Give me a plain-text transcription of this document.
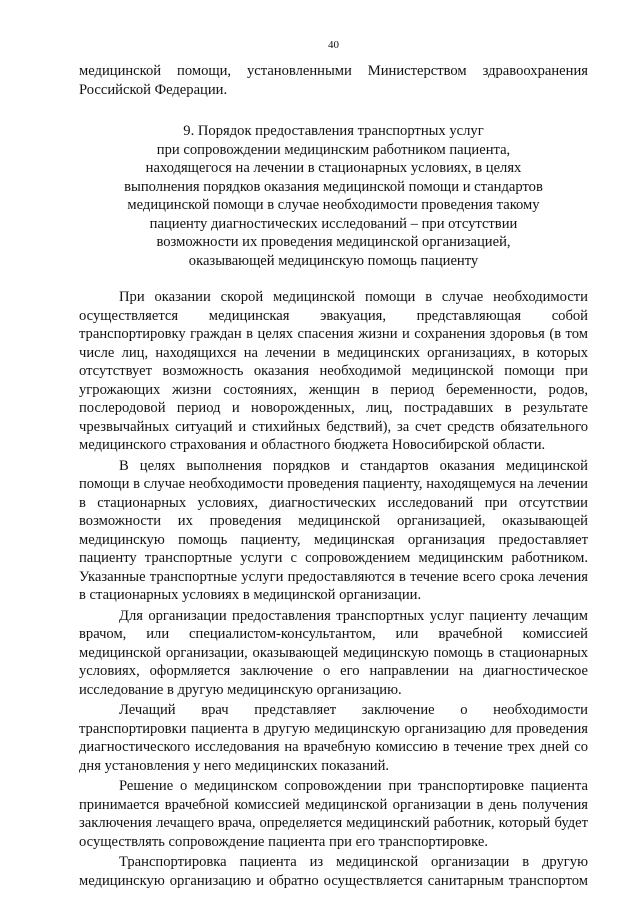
40

медицинской помощи, установленными Министерством здравоохранения Российской Федерации.

9. Порядок предоставления транспортных услуг
при сопровождении медицинским работником пациента,
находящегося на лечении в стационарных условиях, в целях
выполнения порядков оказания медицинской помощи и стандартов
медицинской помощи в случае необходимости проведения такому
пациенту диагностических исследований – при отсутствии
возможности их проведения медицинской организацией,
оказывающей медицинскую помощь пациенту

При оказании скорой медицинской помощи в случае необходимости осуществляется медицинская эвакуация, представляющая собой транспортировку граждан в целях спасения жизни и сохранения здоровья (в том числе лиц, находящихся на лечении в медицинских организациях, в которых отсутствует возможность оказания необходимой медицинской помощи при угрожающих жизни состояниях, женщин в период беременности, родов, послеродовой период и новорожденных, лиц, пострадавших в результате чрезвычайных ситуаций и стихийных бедствий), за счет средств обязательного медицинского страхования и областного бюджета Новосибирской области.

В целях выполнения порядков и стандартов оказания медицинской помощи в случае необходимости проведения пациенту, находящемуся на лечении в стационарных условиях, диагностических исследований при отсутствии возможности их проведения медицинской организацией, оказывающей медицинскую помощь пациенту, медицинская организация предоставляет пациенту транспортные услуги с сопровождением медицинским работником. Указанные транспортные услуги предоставляются в течение всего срока лечения в стационарных условиях в медицинской организации.

Для организации предоставления транспортных услуг пациенту лечащим врачом, или специалистом-консультантом, или врачебной комиссией медицинской организации, оказывающей медицинскую помощь в стационарных условиях, оформляется заключение о его направлении на диагностическое исследование в другую медицинскую организацию.

Лечащий врач представляет заключение о необходимости транспортировки пациента в другую медицинскую организацию для проведения диагностического исследования на врачебную комиссию в течение трех дней со дня установления у него медицинских показаний.

Решение о медицинском сопровождении при транспортировке пациента принимается врачебной комиссией медицинской организации в день получения заключения лечащего врача, определяется медицинский работник, который будет осуществлять сопровождение пациента при его транспортировке.

Транспортировка пациента из медицинской организации в другую медицинскую организацию и обратно осуществляется санитарным транспортом
